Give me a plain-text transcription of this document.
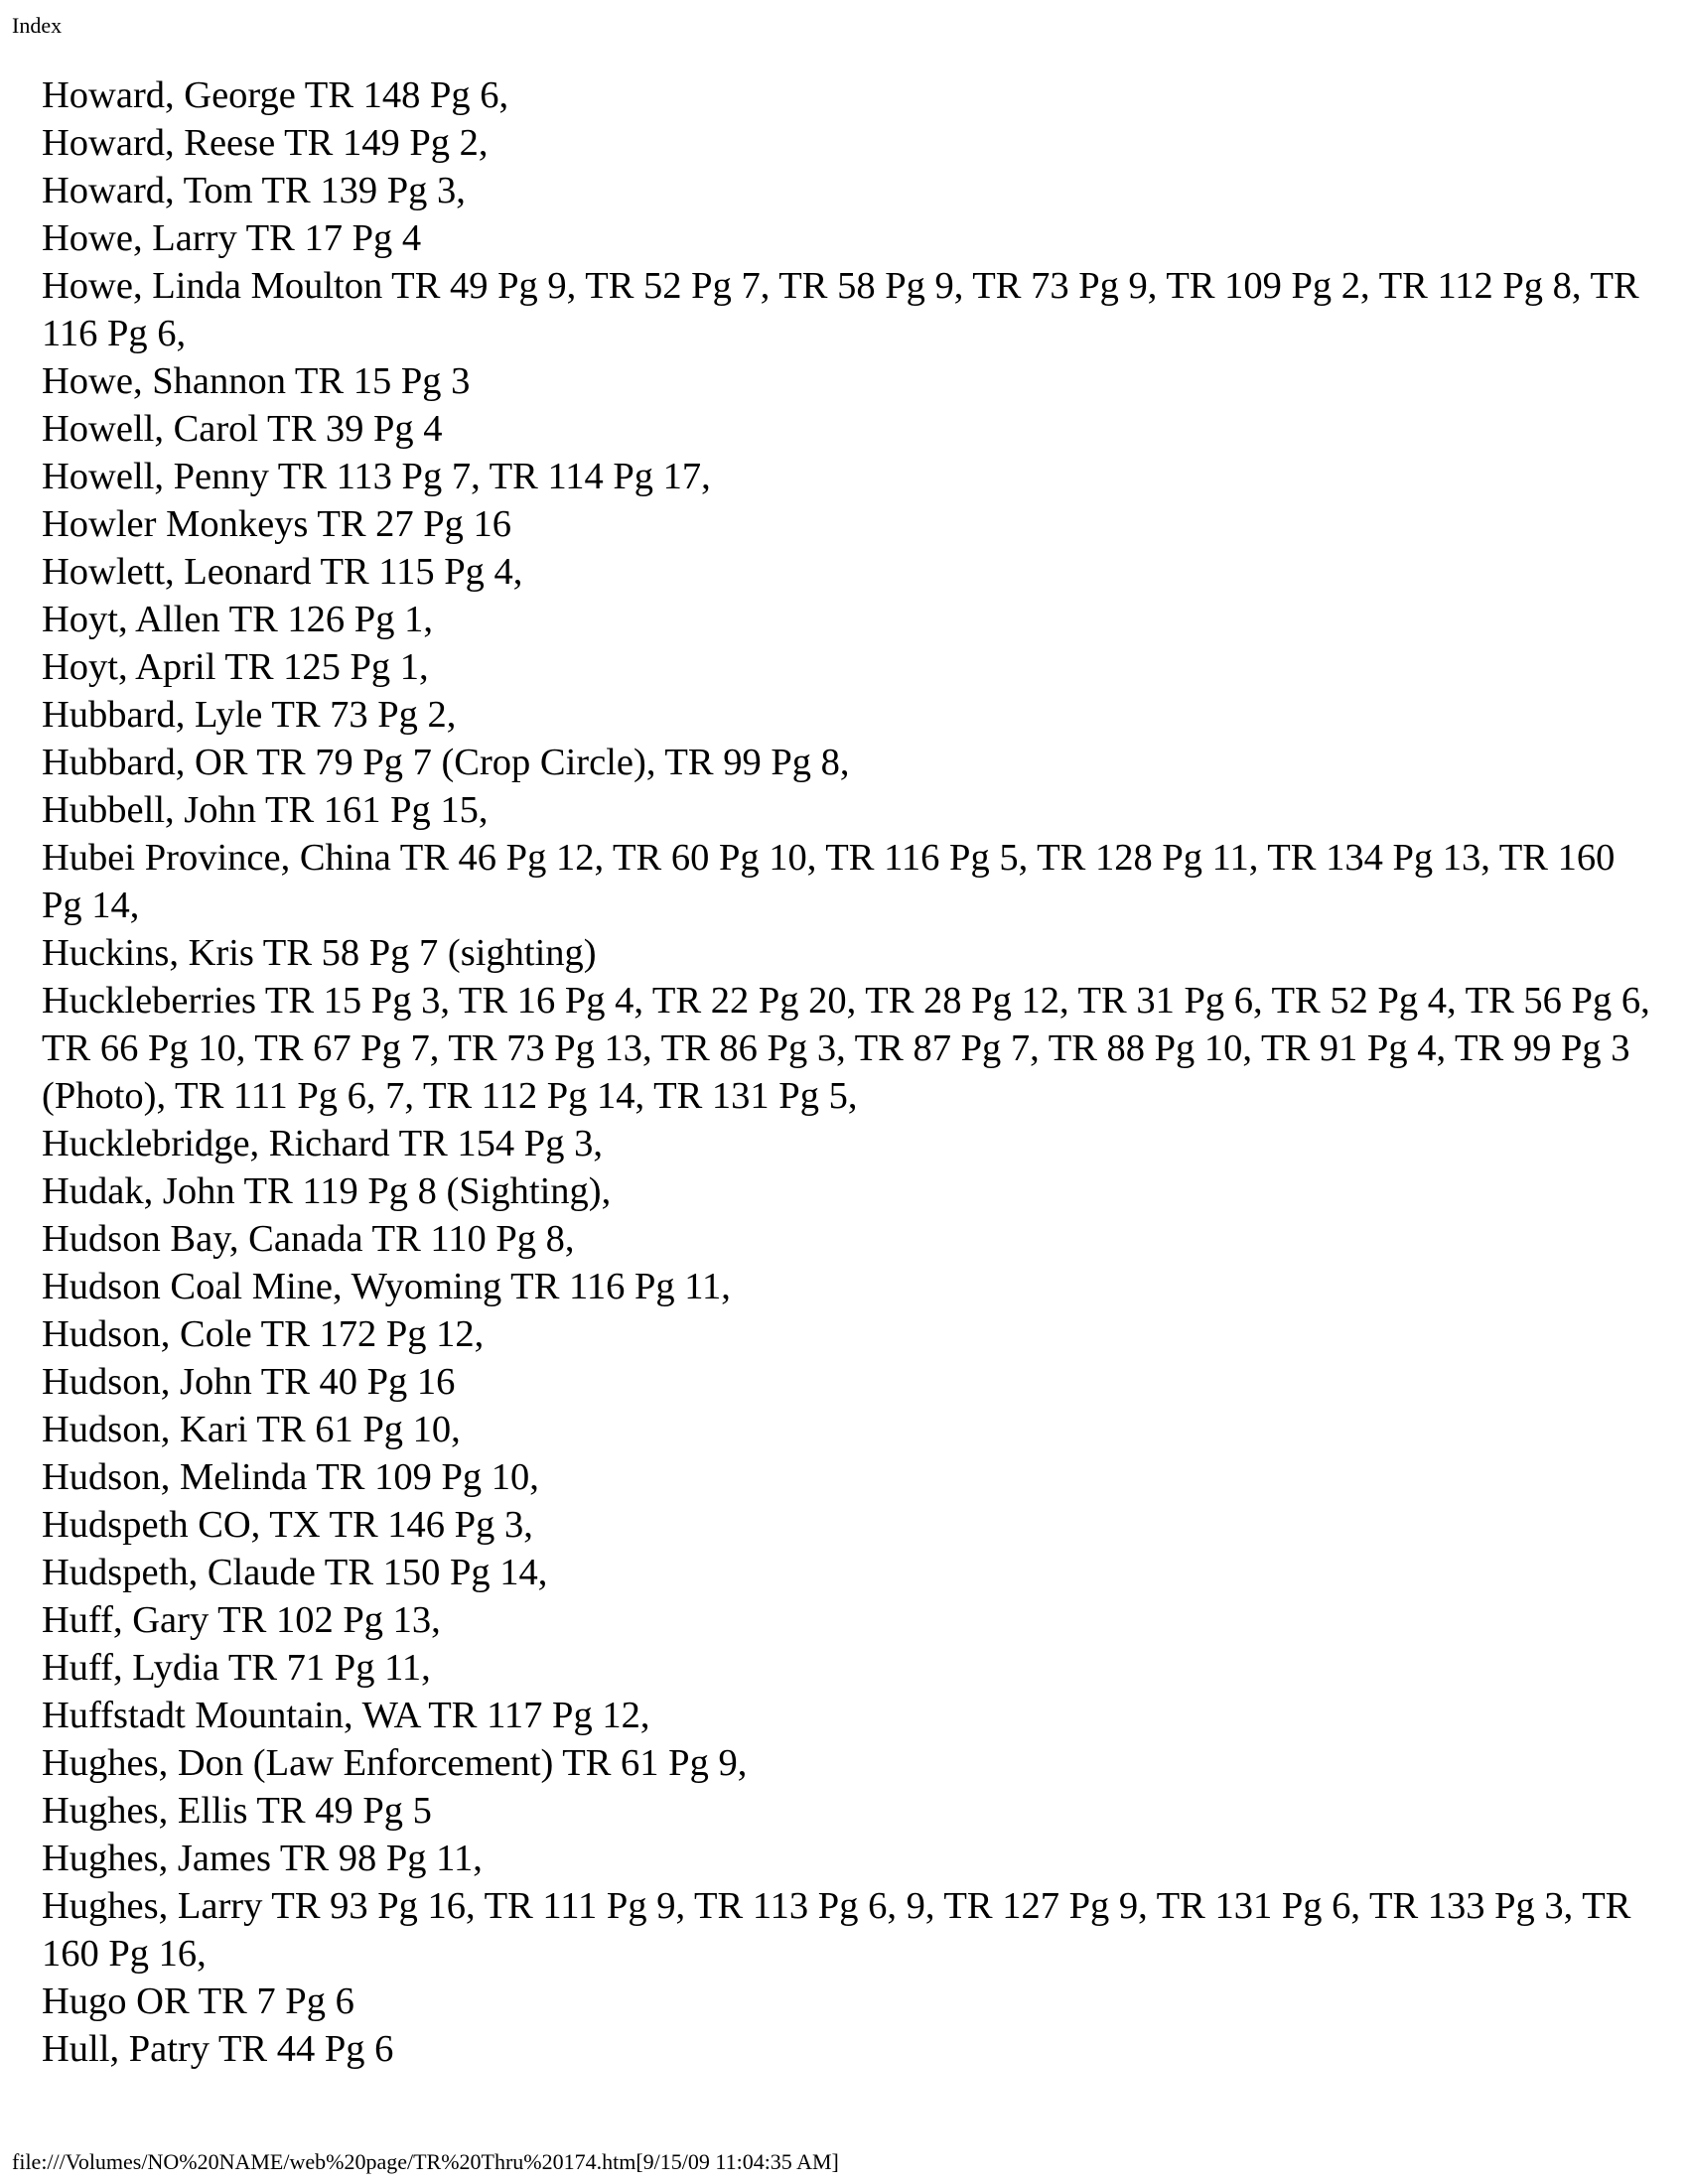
Index
Howard, George TR 148 Pg 6,
Howard, Reese TR 149 Pg 2,
Howard, Tom TR 139 Pg 3,
Howe, Larry TR 17 Pg 4
Howe, Linda Moulton TR 49 Pg 9, TR 52 Pg 7, TR 58 Pg 9, TR 73 Pg 9, TR 109 Pg 2, TR 112 Pg 8, TR 116 Pg 6,
Howe, Shannon TR 15 Pg 3
Howell, Carol TR 39 Pg 4
Howell, Penny TR 113 Pg 7, TR 114 Pg 17,
Howler Monkeys TR 27 Pg 16
Howlett, Leonard TR 115 Pg 4,
Hoyt, Allen TR 126 Pg 1,
Hoyt, April TR 125 Pg 1,
Hubbard, Lyle TR 73 Pg 2,
Hubbard, OR TR 79 Pg 7 (Crop Circle), TR 99 Pg 8,
Hubbell, John TR 161 Pg 15,
Hubei Province, China TR 46 Pg 12, TR 60 Pg 10, TR 116 Pg 5, TR 128 Pg 11, TR 134 Pg 13, TR 160 Pg 14,
Huckins, Kris TR 58 Pg 7 (sighting)
Huckleberries TR 15 Pg 3, TR 16 Pg 4, TR 22 Pg 20, TR 28 Pg 12, TR 31 Pg 6, TR 52 Pg 4, TR 56 Pg 6, TR 66 Pg 10, TR 67 Pg 7, TR 73 Pg 13, TR 86 Pg 3, TR 87 Pg 7, TR 88 Pg 10, TR 91 Pg 4, TR 99 Pg 3 (Photo), TR 111 Pg 6, 7, TR 112 Pg 14, TR 131 Pg 5,
Hucklebridge, Richard TR 154 Pg 3,
Hudak, John TR 119 Pg 8 (Sighting),
Hudson Bay, Canada TR 110 Pg 8,
Hudson Coal Mine, Wyoming TR 116 Pg 11,
Hudson, Cole TR 172 Pg 12,
Hudson, John TR 40 Pg 16
Hudson, Kari TR 61 Pg 10,
Hudson, Melinda TR 109 Pg 10,
Hudspeth CO, TX TR 146 Pg 3,
Hudspeth, Claude TR 150 Pg 14,
Huff, Gary TR 102 Pg 13,
Huff, Lydia TR 71 Pg 11,
Huffstadt Mountain, WA TR 117 Pg 12,
Hughes, Don (Law Enforcement) TR 61 Pg 9,
Hughes, Ellis TR 49 Pg 5
Hughes, James TR 98 Pg 11,
Hughes, Larry TR 93 Pg 16, TR 111 Pg 9, TR 113 Pg 6, 9, TR 127 Pg 9, TR 131 Pg 6, TR 133 Pg 3, TR 160 Pg 16,
Hugo OR TR 7 Pg 6
Hull, Patry TR 44 Pg 6
file:///Volumes/NO%20NAME/web%20page/TR%20Thru%20174.htm[9/15/09 11:04:35 AM]
